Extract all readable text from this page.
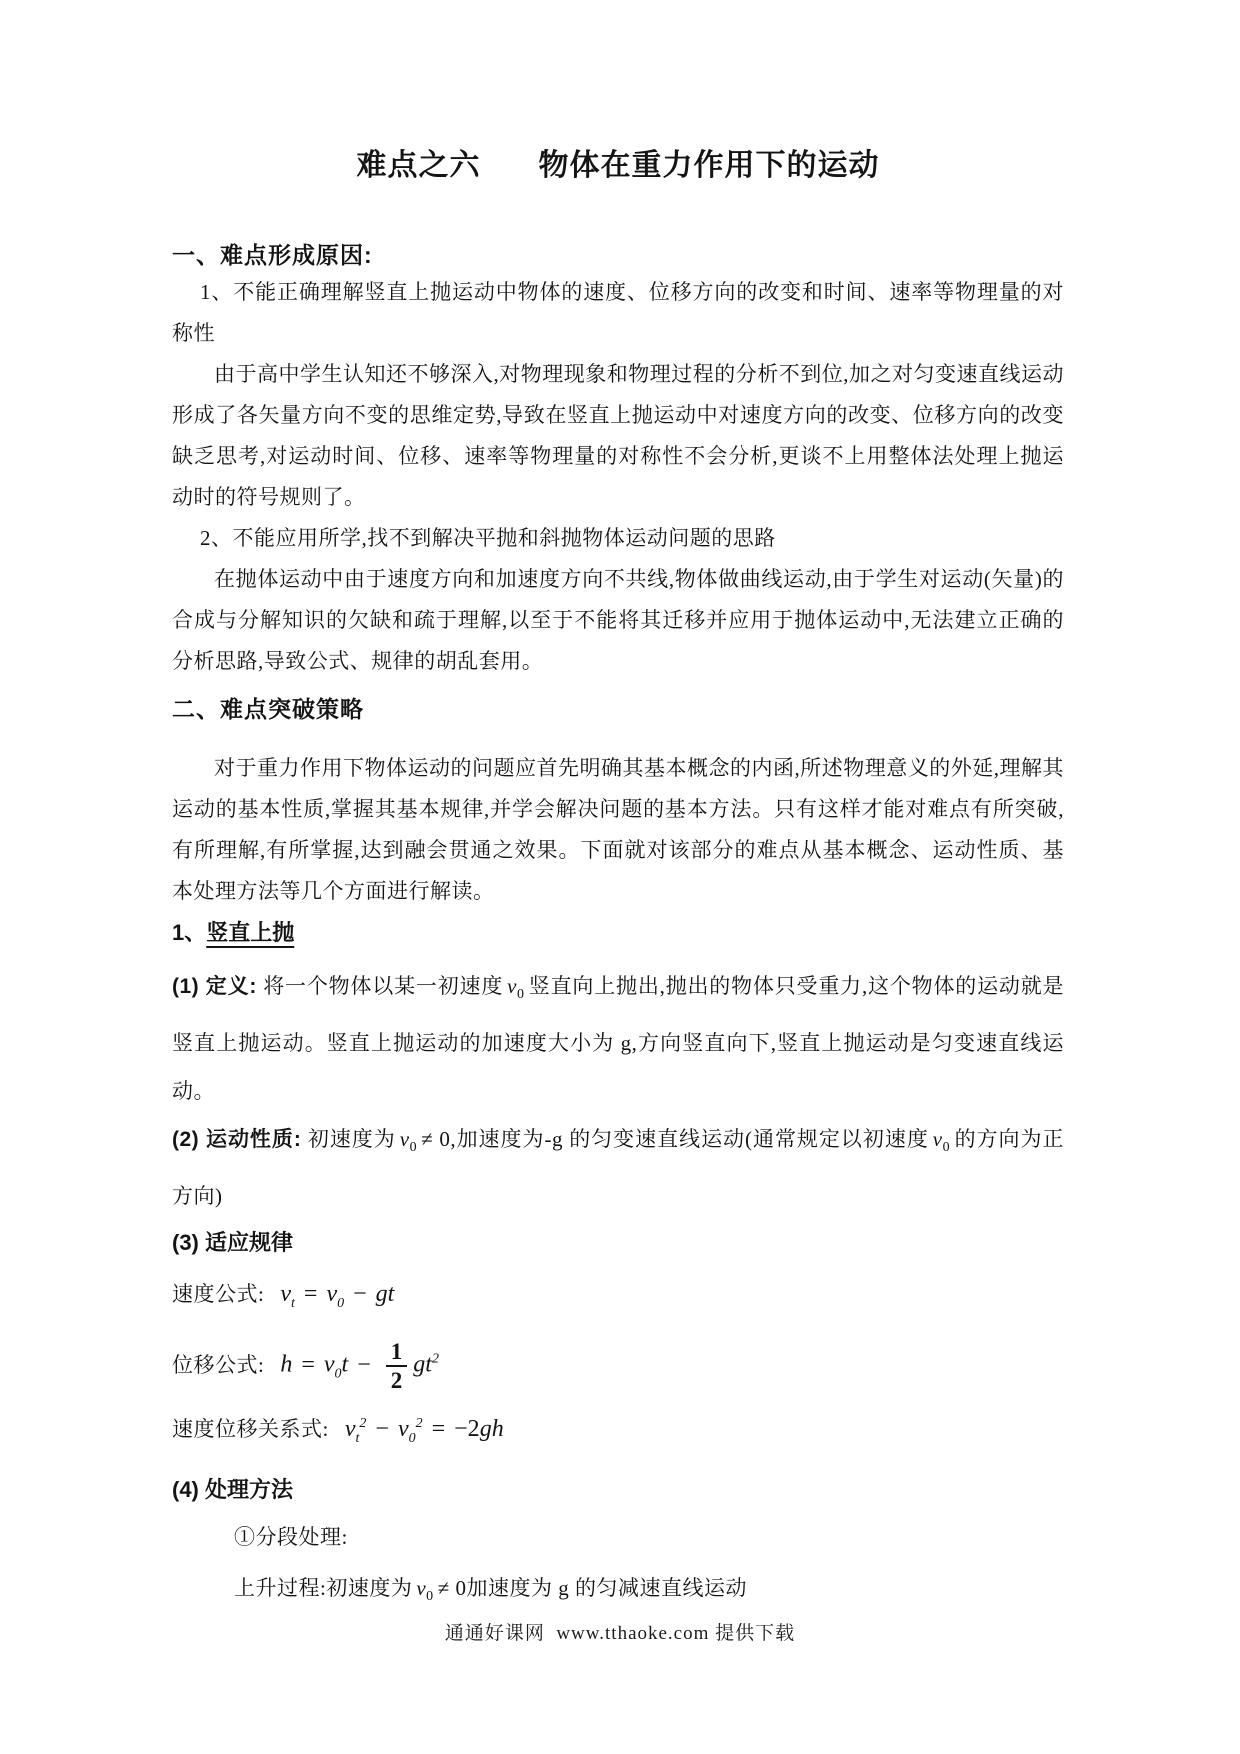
难点之六 物体在重力作用下的运动
一、难点形成原因:

1、不能正确理解竖直上抛运动中物体的速度、位移方向的改变和时间、速率等物理量的对称性

由于高中学生认知还不够深入,对物理现象和物理过程的分析不到位,加之对匀变速直线运动形成了各矢量方向不变的思维定势,导致在竖直上抛运动中对速度方向的改变、位移方向的改变缺乏思考,对运动时间、位移、速率等物理量的对称性不会分析,更谈不上用整体法处理上抛运动时的符号规则了。

2、不能应用所学,找不到解决平抛和斜抛物体运动问题的思路

在抛体运动中由于速度方向和加速度方向不共线,物体做曲线运动,由于学生对运动(矢量)的合成与分解知识的欠缺和疏于理解,以至于不能将其迁移并应用于抛体运动中,无法建立正确的分析思路,导致公式、规律的胡乱套用。

二、难点突破策略

对于重力作用下物体运动的问题应首先明确其基本概念的内函,所述物理意义的外延,理解其运动的基本性质,掌握其基本规律,并学会解决问题的基本方法。只有这样才能对难点有所突破,有所理解,有所掌握,达到融会贯通之效果。下面就对该部分的难点从基本概念、运动性质、基本处理方法等几个方面进行解读。

1、竖直上抛

(1) 定义: 将一个物体以某一初速度 $v_0$ 竖直向上抛出,抛出的物体只受重力,这个物体的运动就是竖直上抛运动。竖直上抛运动的加速度大小为 g,方向竖直向下,竖直上抛运动是匀变速直线运动。

(2) 运动性质: 初速度为 $v_0 \ne 0$,加速度为-g 的匀变速直线运动(通常规定以初速度 $v_0$ 的方向为正方向)

(3) 适应规律
速度公式: $v_t = v_0$ − gt
位移公式: $h = v_0t - \frac{1}{2} gt^2$
速度位移关系式: $v_t^2 - v_0^2 = -2gh$
(4) 处理方法

①分段处理:

上升过程:初速度为 $v_0 \ne 0$加速度为 g 的匀减速直线运动

通通好课网  www.tthaoke.com 提供下载
